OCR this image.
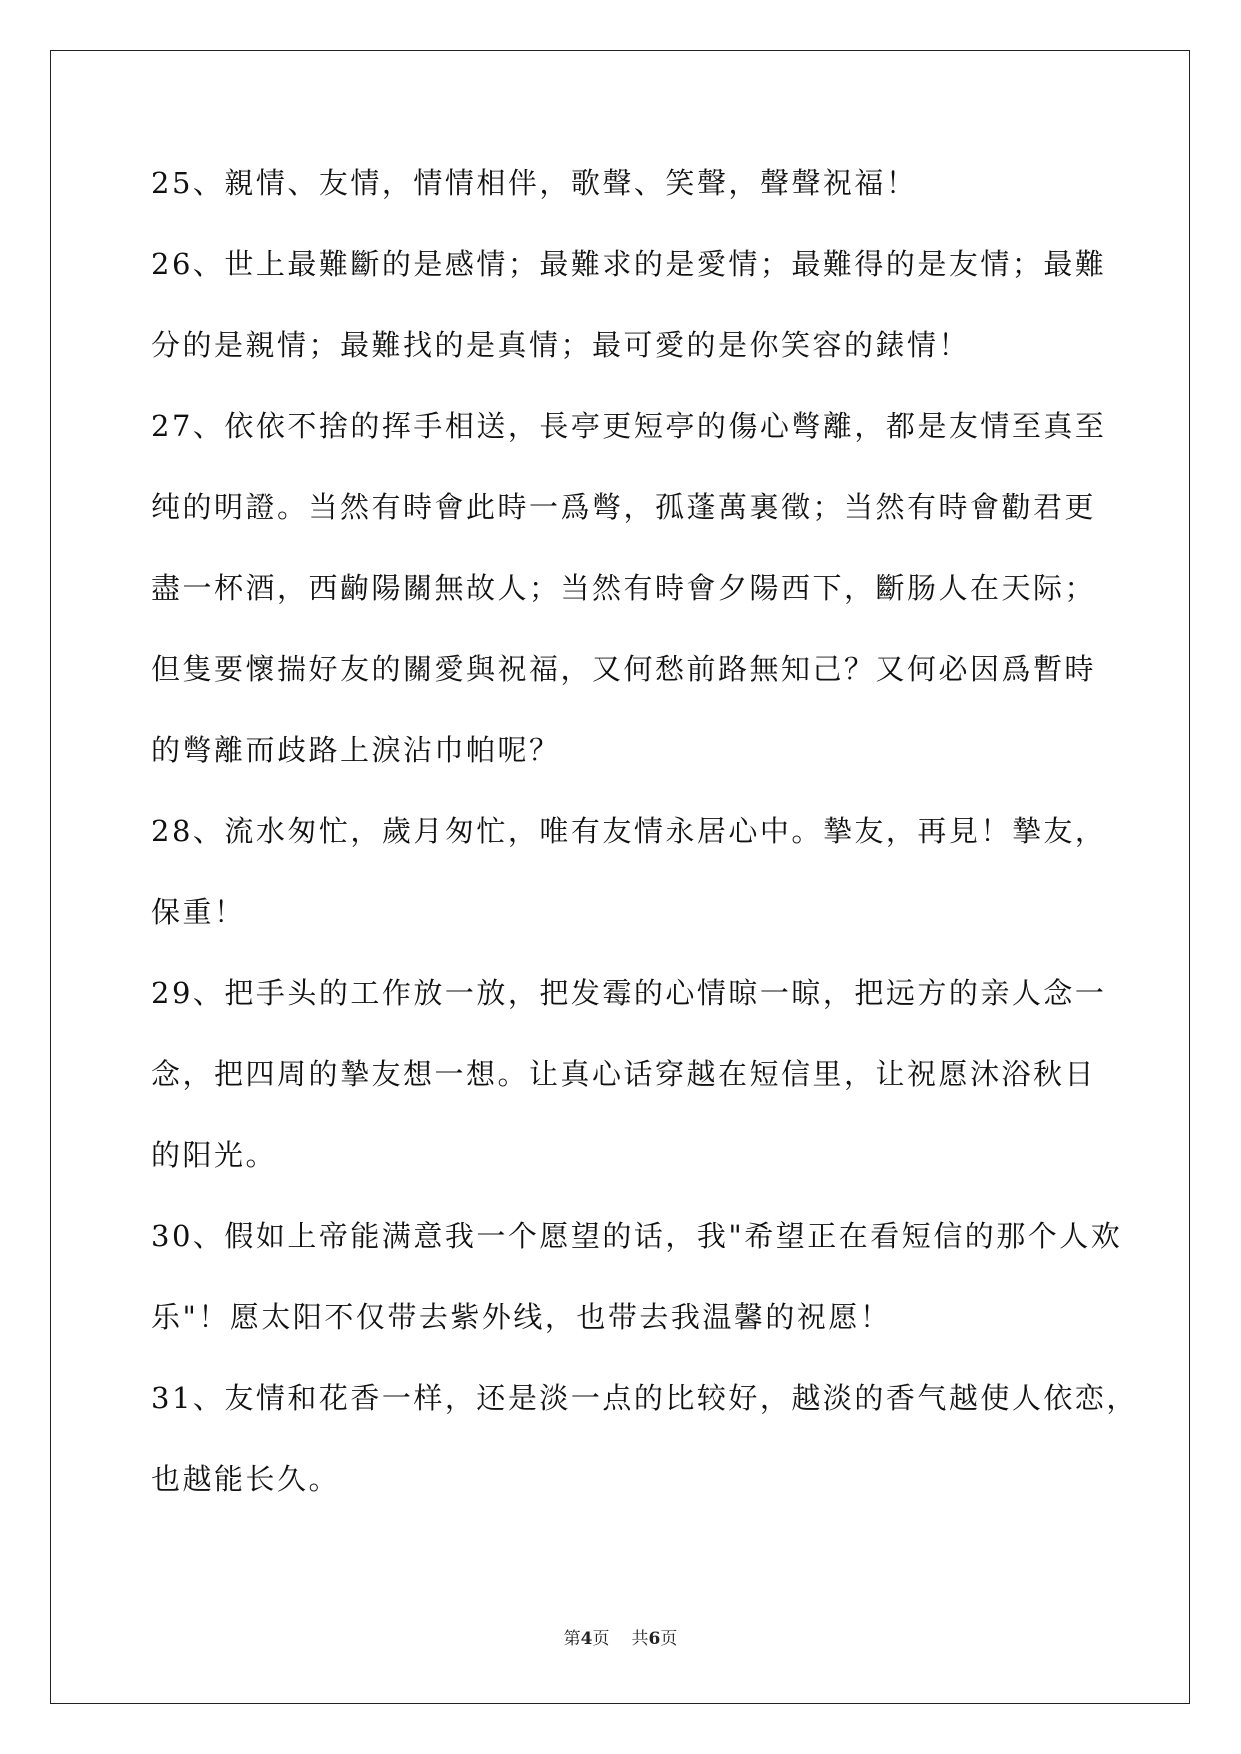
25、親情、友情，情情相伴，歌聲、笑聲，聲聲祝福！
26、世上最難斷的是感情；最難求的是愛情；最難得的是友情；最難
分的是親情；最難找的是真情；最可愛的是你笑容的錶情！
27、依依不捨的挥手相送，長亭更短亭的傷心彆離，都是友情至真至
纯的明證。当然有時會此時一爲彆，孤蓬萬裏徵；当然有時會勸君更
盡一杯酒，西齣陽關無故人；当然有時會夕陽西下，斷肠人在天际；
但隻要懷揣好友的關愛與祝福，又何愁前路無知己？又何必因爲暫時
的彆離而歧路上淚沾巾帕呢？
28、流水匆忙，歲月匆忙，唯有友情永居心中。摯友，再見！摯友，
保重！
29、把手头的工作放一放，把发霉的心情晾一晾，把远方的亲人念一
念，把四周的摯友想一想。让真心话穿越在短信里，让祝愿沐浴秋日
的阳光。
30、假如上帝能满意我一个愿望的话，我"希望正在看短信的那个人欢
乐"！愿太阳不仅带去紫外线，也带去我温馨的祝愿！
31、友情和花香一样，还是淡一点的比较好，越淡的香气越使人依恋，
也越能长久。
第4页 共6页
